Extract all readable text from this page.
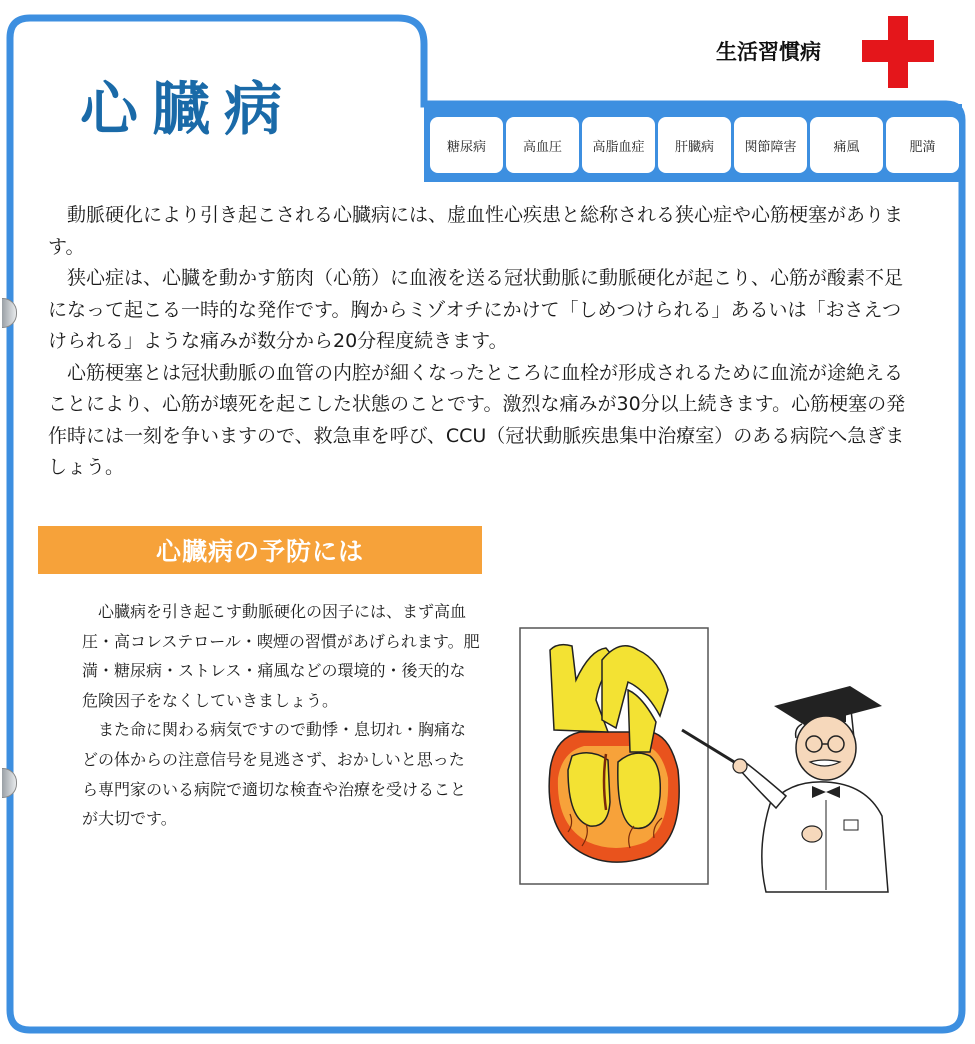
心臓病
生活習慣病
糖尿病	高血圧	高脂血症	肝臓病	関節障害	痛風	肥満

動脈硬化により引き起こされる心臓病には、虚血性心疾患と総称される狭心症や心筋梗塞があります。

狭心症は、心臓を動かす筋肉（心筋）に血液を送る冠状動脈に動脈硬化が起こり、心筋が酸素不足になって起こる一時的な発作です。胸からミゾオチにかけて「しめつけられる」あるいは「おさえつけられる」ような痛みが数分から20分程度続きます。

心筋梗塞とは冠状動脈の血管の内腔が細くなったところに血栓が形成されるために血流が途絶えることにより、心筋が壊死を起こした状態のことです。激烈な痛みが30分以上続きます。心筋梗塞の発作時には一刻を争いますので、救急車を呼び、CCU（冠状動脈疾患集中治療室）のある病院へ急ぎましょう。

心臓病の予防には

心臓病を引き起こす動脈硬化の因子には、まず高血圧・高コレステロール・喫煙の習慣があげられます。肥満・糖尿病・ストレス・痛風などの環境的・後天的な危険因子をなくしていきましょう。

また命に関わる病気ですので動悸・息切れ・胸痛などの体からの注意信号を見逃さず、おかしいと思ったら専門家のいる病院で適切な検査や治療を受けることが大切です。
